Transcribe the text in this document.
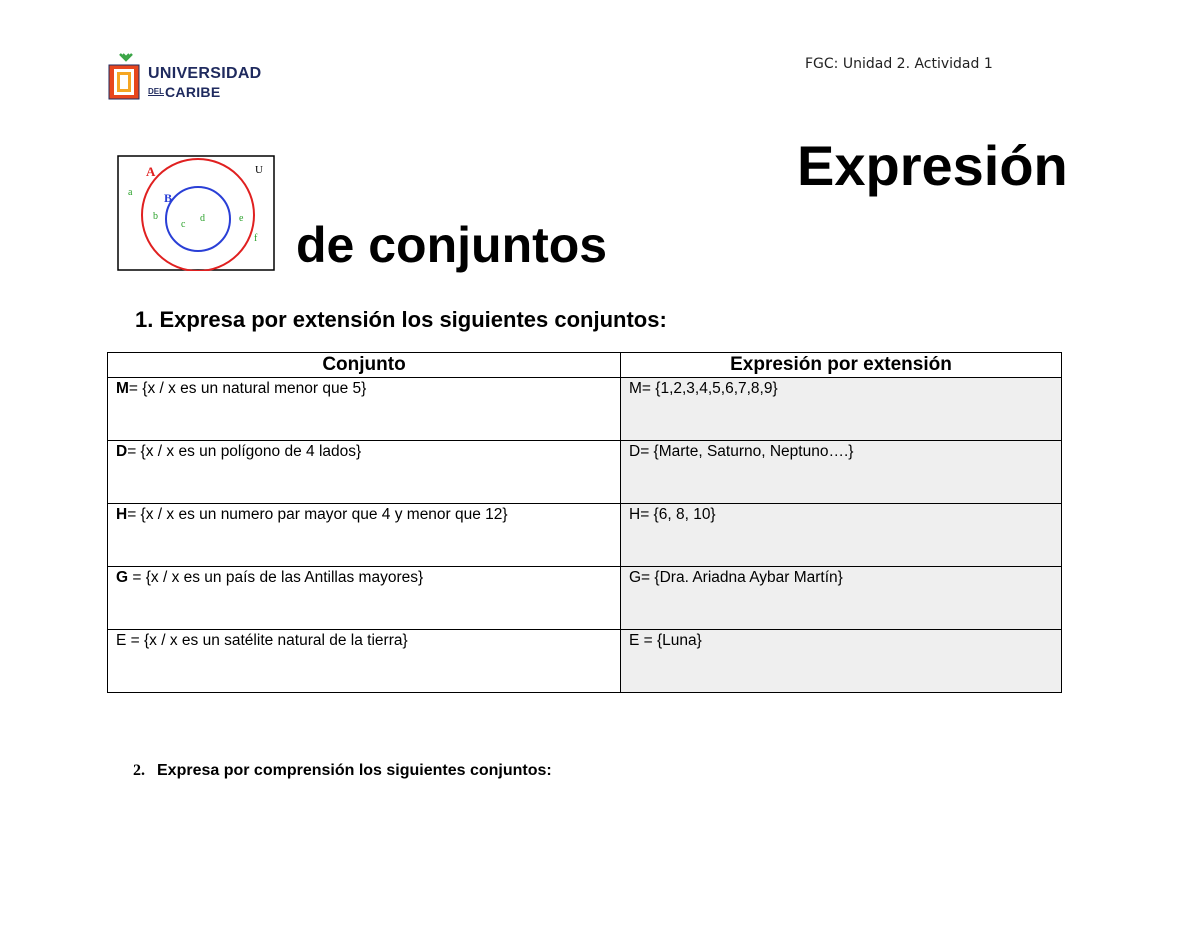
UNIVERSIDAD
$^{DEL}$CARIBE
FGC: Unidad 2. Actividad 1
U
A
B
a
b
c
d	e
f
Expresión
de conjuntos
1. Expresa por extensión los siguientes conjuntos:
Conjunto	Expresión por extensión
M= {x / x es un natural menor que 5}	M= {1,2,3,4,5,6,7,8,9}
D= {x / x es un polígono de 4 lados}	D= {Marte, Saturno, Neptuno….}
H= {x / x es un numero par mayor que 4 y menor que 12}	H= {6, 8, 10}
G = {x / x es un país de las Antillas mayores}	G= {Dra. Ariadna Aybar Martín}
E = {x / x es un satélite natural de la tierra}	E = {Luna}
2. Expresa por comprensión los siguientes conjuntos:
